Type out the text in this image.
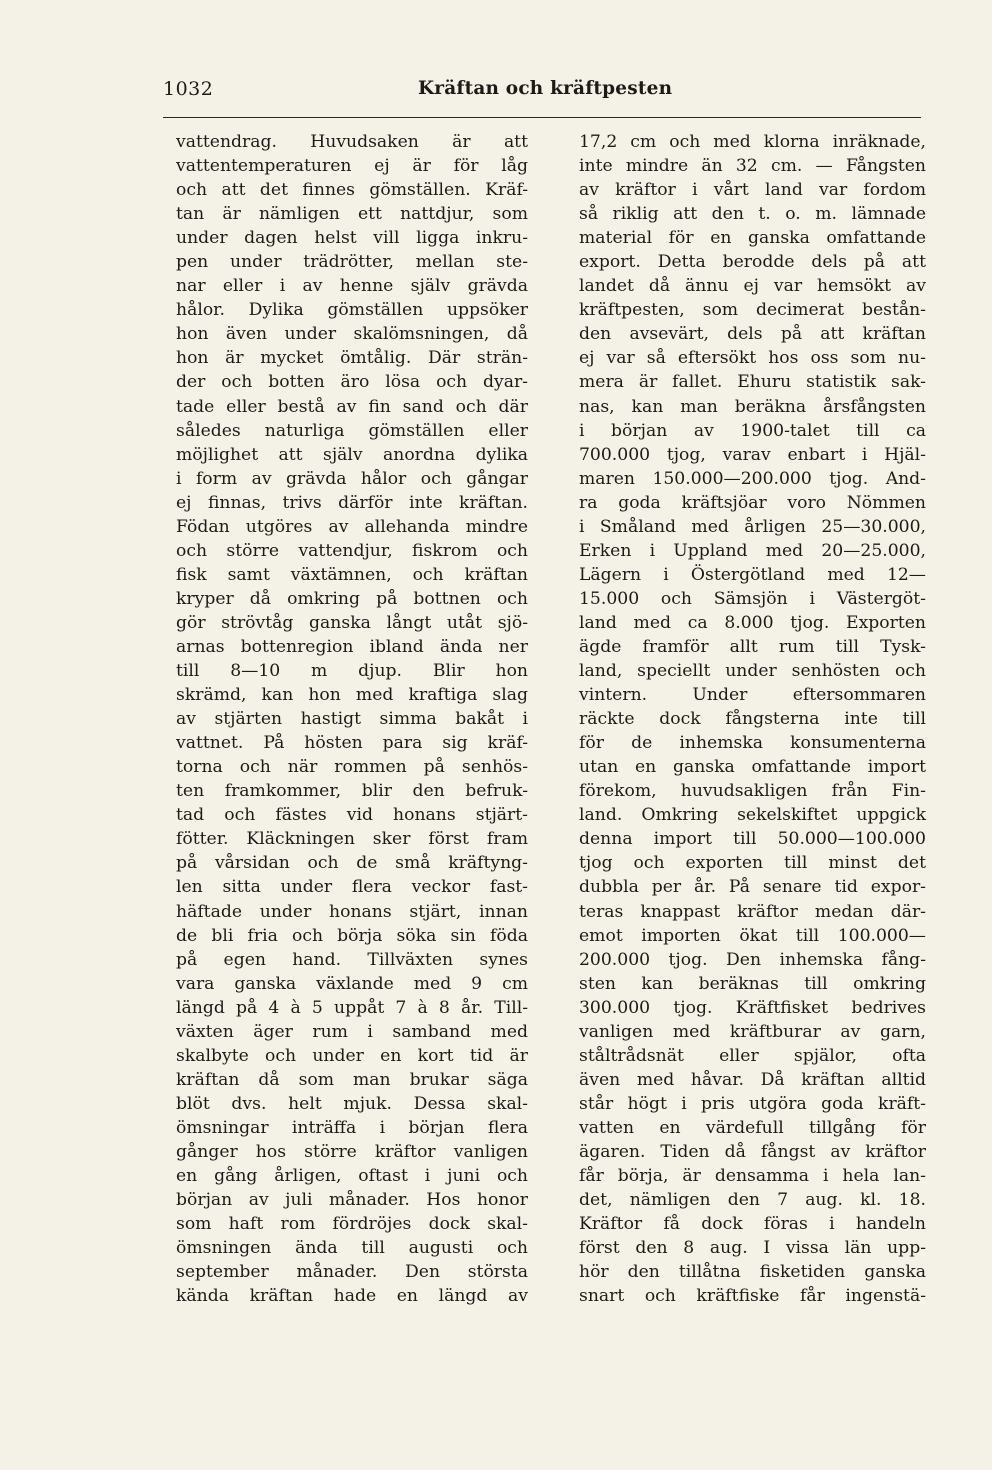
1032	Kräftan och kräftpesten
vattendrag. Huvudsaken är att
vattentemperaturen ej är för låg
och att det finnes gömställen. Kräf-
tan är nämligen ett nattdjur, som
under dagen helst vill ligga inkru-
pen under trädrötter, mellan ste-
nar eller i av henne själv grävda
hålor. Dylika gömställen uppsöker
hon även under skalömsningen, då
hon är mycket ömtålig. Där strän-
der och botten äro lösa och dyar-
tade eller bestå av fin sand och där
således naturliga gömställen eller
möjlighet att själv anordna dylika
i form av grävda hålor och gångar
ej finnas, trivs därför inte kräftan.
Födan utgöres av allehanda mindre
och större vattendjur, fiskrom och
fisk samt växtämnen, och kräftan
kryper då omkring på bottnen och
gör strövtåg ganska långt utåt sjö-
arnas bottenregion ibland ända ner
till 8—10 m djup. Blir hon
skrämd, kan hon med kraftiga slag
av stjärten hastigt simma bakåt i
vattnet. På hösten para sig kräf-
torna och när rommen på senhös-
ten framkommer, blir den befruk-
tad och fästes vid honans stjärt-
fötter. Kläckningen sker först fram
på vårsidan och de små kräftyng-
len sitta under flera veckor fast-
häftade under honans stjärt, innan
de bli fria och börja söka sin föda
på egen hand. Tillväxten synes
vara ganska växlande med 9 cm
längd på 4 à 5 uppåt 7 à 8 år. Till-
växten äger rum i samband med
skalbyte och under en kort tid är
kräftan då som man brukar säga
blöt dvs. helt mjuk. Dessa skal-
ömsningar inträffa i början flera
gånger hos större kräftor vanligen
en gång årligen, oftast i juni och
början av juli månader. Hos honor
som haft rom fördröjes dock skal-
ömsningen ända till augusti och
september månader. Den största
kända kräftan hade en längd av
17,2 cm och med klorna inräknade,
inte mindre än 32 cm. — Fångsten
av kräftor i vårt land var fordom
så riklig att den t. o. m. lämnade
material för en ganska omfattande
export. Detta berodde dels på att
landet då ännu ej var hemsökt av
kräftpesten, som decimerat bestån-
den avsevärt, dels på att kräftan
ej var så eftersökt hos oss som nu-
mera är fallet. Ehuru statistik sak-
nas, kan man beräkna årsfångsten
i början av 1900-talet till ca
700.000 tjog, varav enbart i Hjäl-
maren 150.000—200.000 tjog. And-
ra goda kräftsjöar voro Nömmen
i Småland med årligen 25—30.000,
Erken i Uppland med 20—25.000,
Lägern i Östergötland med 12—
15.000 och Sämsjön i Västergöt-
land med ca 8.000 tjog. Exporten
ägde framför allt rum till Tysk-
land, speciellt under senhösten och
vintern. Under eftersommaren
räckte dock fångsterna inte till
för de inhemska konsumenterna
utan en ganska omfattande import
förekom, huvudsakligen från Fin-
land. Omkring sekelskiftet uppgick
denna import till 50.000—100.000
tjog och exporten till minst det
dubbla per år. På senare tid expor-
teras knappast kräftor medan där-
emot importen ökat till 100.000—
200.000 tjog. Den inhemska fång-
sten kan beräknas till omkring
300.000 tjog. Kräftfisket bedrives
vanligen med kräftburar av garn,
ståltrådsnät eller spjälor, ofta
även med håvar. Då kräftan alltid
står högt i pris utgöra goda kräft-
vatten en värdefull tillgång för
ägaren. Tiden då fångst av kräftor
får börja, är densamma i hela lan-
det, nämligen den 7 aug. kl. 18.
Kräftor få dock föras i handeln
först den 8 aug. I vissa län upp-
hör den tillåtna fisketiden ganska
snart och kräftfiske får ingenstä-
